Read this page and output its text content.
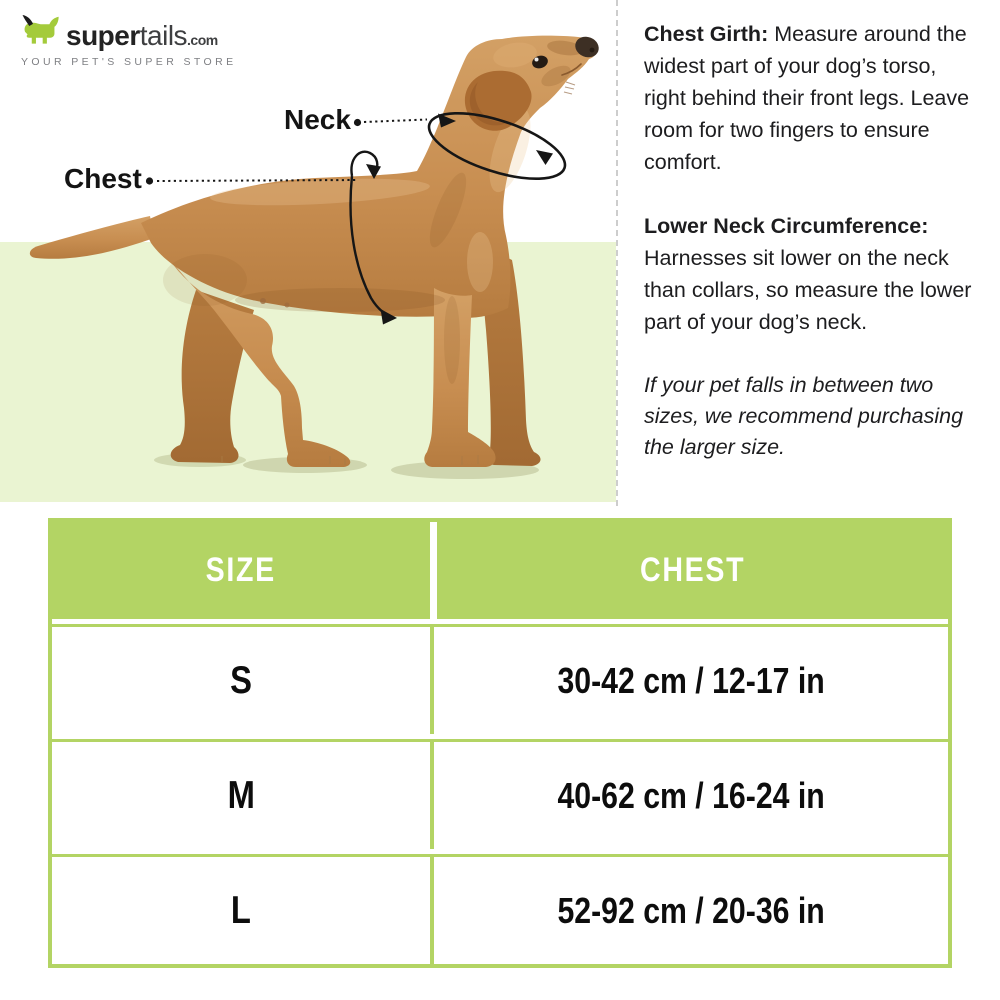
Neck
Chest
supertails.com
YOUR PET'S SUPER STORE

Chest Girth: Measure around the widest part of your dog’s torso, right behind their front legs. Leave room for two fingers to ensure comfort.

Lower Neck Circumference: Harnesses sit lower on the neck than collars, so measure the lower part of your dog’s neck.

If your pet falls in between two sizes, we recommend purchasing the larger size.

SIZE	CHEST
S	30-42 cm / 12-17 in
M	40-62 cm / 16-24 in
L	52-92 cm / 20-36 in
